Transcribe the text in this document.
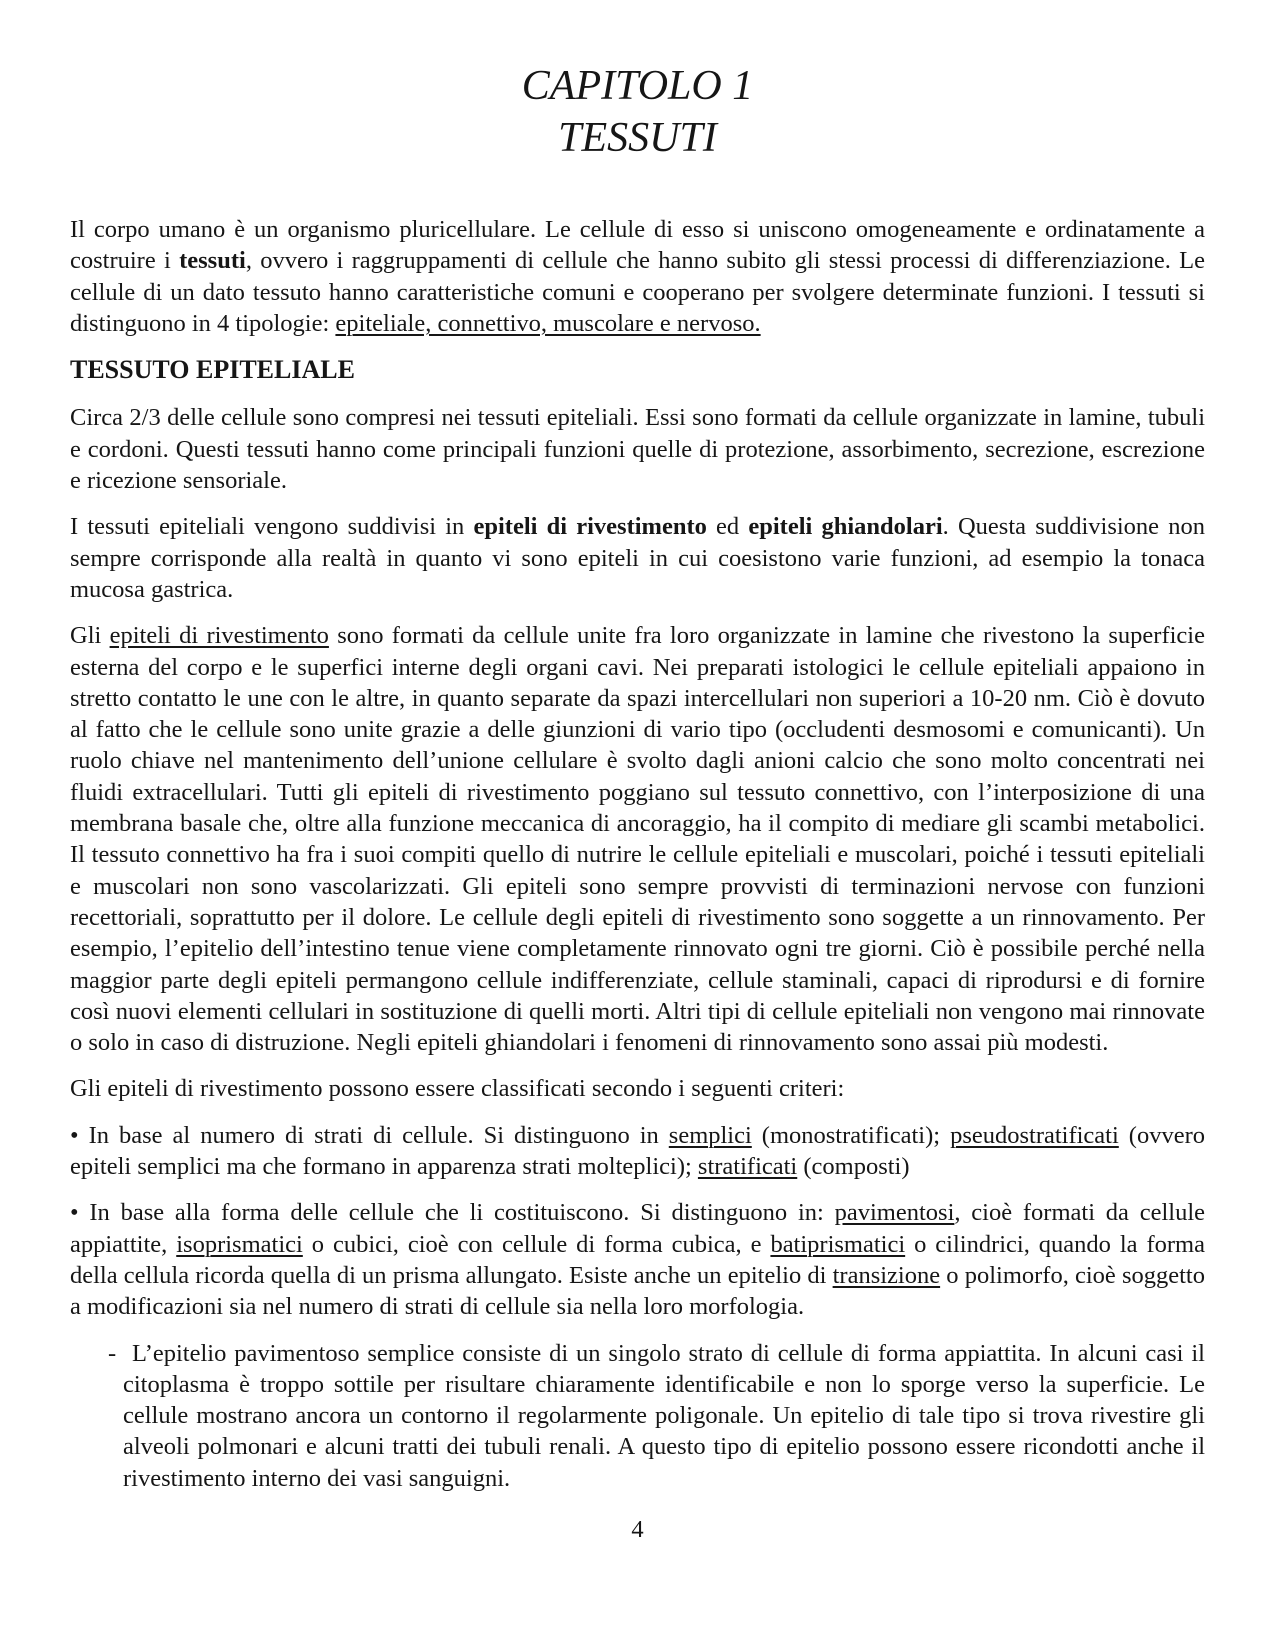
CAPITOLO 1
TESSUTI

Il corpo umano è un organismo pluricellulare. Le cellule di esso si uniscono omogeneamente e ordinatamente a costruire i tessuti, ovvero i raggruppamenti di cellule che hanno subito gli stessi processi di differenziazione. Le cellule di un dato tessuto hanno caratteristiche comuni e cooperano per svolgere determinate funzioni. I tessuti si distinguono in 4 tipologie: epiteliale, connettivo, muscolare e nervoso.

TESSUTO EPITELIALE

Circa 2/3 delle cellule sono compresi nei tessuti epiteliali. Essi sono formati da cellule organizzate in lamine, tubuli e cordoni. Questi tessuti hanno come principali funzioni quelle di protezione, assorbimento, secrezione, escrezione e ricezione sensoriale.

I tessuti epiteliali vengono suddivisi in epiteli di rivestimento ed epiteli ghiandolari. Questa suddivisione non sempre corrisponde alla realtà in quanto vi sono epiteli in cui coesistono varie funzioni, ad esempio la tonaca mucosa gastrica.

Gli epiteli di rivestimento sono formati da cellule unite fra loro organizzate in lamine che rivestono la superficie esterna del corpo e le superfici interne degli organi cavi. Nei preparati istologici le cellule epiteliali appaiono in stretto contatto le une con le altre, in quanto separate da spazi intercellulari non superiori a 10-20 nm. Ciò è dovuto al fatto che le cellule sono unite grazie a delle giunzioni di vario tipo (occludenti desmosomi e comunicanti). Un ruolo chiave nel mantenimento dell’unione cellulare è svolto dagli anioni calcio che sono molto concentrati nei fluidi extracellulari. Tutti gli epiteli di rivestimento poggiano sul tessuto connettivo, con l’interposizione di una membrana basale che, oltre alla funzione meccanica di ancoraggio, ha il compito di mediare gli scambi metabolici. Il tessuto connettivo ha fra i suoi compiti quello di nutrire le cellule epiteliali e muscolari, poiché i tessuti epiteliali e muscolari non sono vascolarizzati. Gli epiteli sono sempre provvisti di terminazioni nervose con funzioni recettoriali, soprattutto per il dolore. Le cellule degli epiteli di rivestimento sono soggette a un rinnovamento. Per esempio, l’epitelio dell’intestino tenue viene completamente rinnovato ogni tre giorni. Ciò è possibile perché nella maggior parte degli epiteli permangono cellule indifferenziate, cellule staminali, capaci di riprodursi e di fornire così nuovi elementi cellulari in sostituzione di quelli morti. Altri tipi di cellule epiteliali non vengono mai rinnovate o solo in caso di distruzione. Negli epiteli ghiandolari i fenomeni di rinnovamento sono assai più modesti.

Gli epiteli di rivestimento possono essere classificati secondo i seguenti criteri:

• In base al numero di strati di cellule. Si distinguono in semplici (monostratificati); pseudostratificati (ovvero epiteli semplici ma che formano in apparenza strati molteplici); stratificati (composti)

• In base alla forma delle cellule che li costituiscono. Si distinguono in: pavimentosi, cioè formati da cellule appiattite, isoprismatici o cubici, cioè con cellule di forma cubica, e batiprismatici o cilindrici, quando la forma della cellula ricorda quella di un prisma allungato. Esiste anche un epitelio di transizione o polimorfo, cioè soggetto a modificazioni sia nel numero di strati di cellule sia nella loro morfologia.

- L’epitelio pavimentoso semplice consiste di un singolo strato di cellule di forma appiattita. In alcuni casi il citoplasma è troppo sottile per risultare chiaramente identificabile e non lo sporge verso la superficie. Le cellule mostrano ancora un contorno il regolarmente poligonale. Un epitelio di tale tipo si trova rivestire gli alveoli polmonari e alcuni tratti dei tubuli renali. A questo tipo di epitelio possono essere ricondotti anche il rivestimento interno dei vasi sanguigni.
4
